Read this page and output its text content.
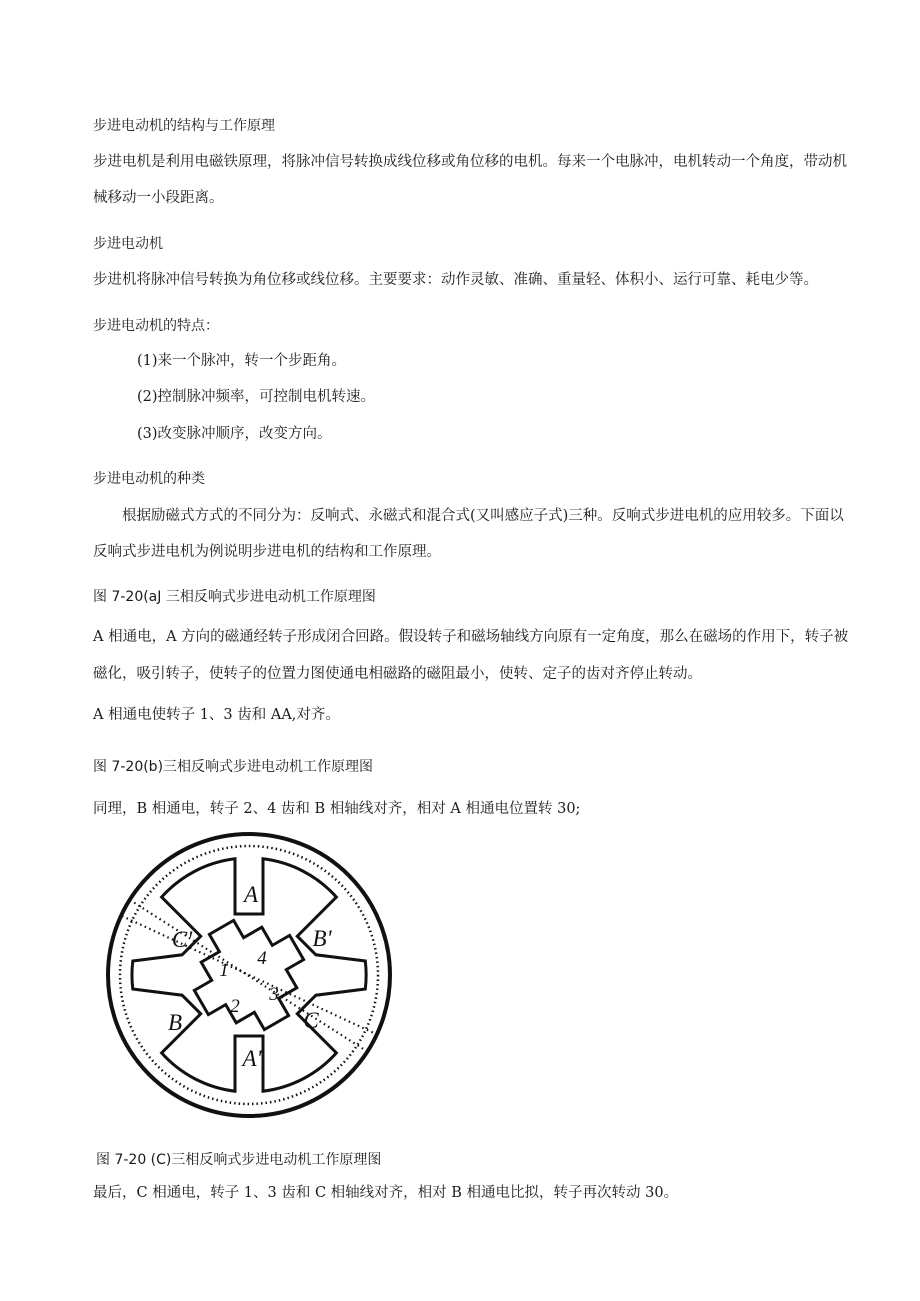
步进电动机的结构与工作原理
步进电机是利用电磁铁原理，将脉冲信号转换成线位移或角位移的电机。每来一个电脉冲，电机转动一个角度，带动机
械移动一小段距离。
步进电动机
步进机将脉冲信号转换为角位移或线位移。主要要求：动作灵敏、准确、重量轻、体积小、运行可靠、耗电少等。
步进电动机的特点：
(1)来一个脉冲，转一个步距角。
(2)控制脉冲频率，可控制电机转速。
(3)改变脉冲顺序，改变方向。
步进电动机的种类
根据励磁式方式的不同分为：反响式、永磁式和混合式(又叫感应子式)三种。反响式步进电机的应用较多。下面以
反响式步进电机为例说明步进电机的结构和工作原理。
图 7-20(aJ 三相反响式步进电动机工作原理图
A 相通电，A 方向的磁通经转子形成闭合回路。假设转子和磁场轴线方向原有一定角度，那么在磁场的作用下，转子被
磁化，吸引转子，使转子的位置力图使通电相磁路的磁阻最小，使转、定子的齿对齐停止转动。
A 相通电使转子 1、3 齿和 AA,对齐。
图 7-20(b)三相反响式步进电动机工作原理图
同理，B 相通电，转子 2、4 齿和 B 相轴线对齐，相对 A 相通电位置转 30;
A
A'
B
B'
C
C'
1
2
3
4
图 7-20 (C)三相反响式步进电动机工作原理图
最后，C 相通电，转子 1、3 齿和 C 相轴线对齐，相对 B 相通电比拟，转子再次转动 30。
